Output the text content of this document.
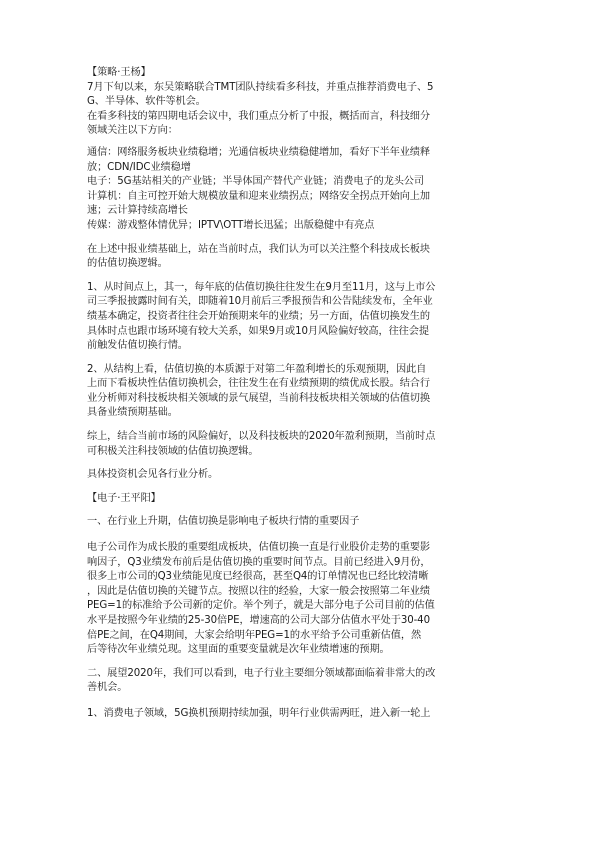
【策略·王杨】

7月下旬以来，东吴策略联合TMT团队持续看多科技，并重点推荐消费电子、5

G、半导体、软件等机会。

在看多科技的第四期电话会议中，我们重点分析了中报，概括而言，科技细分

领域关注以下方向：

通信：网络服务板块业绩稳增；光通信板块业绩稳健增加，看好下半年业绩释

放；CDN/IDC业绩稳增

电子：5G基站相关的产业链；半导体国产替代产业链；消费电子的龙头公司

计算机：自主可控开始大规模放量和迎来业绩拐点；网络安全拐点开始向上加

速；云计算持续高增长

传媒：游戏整体情优异；IPTV\OTT增长迅猛；出版稳健中有亮点

在上述中报业绩基础上，站在当前时点，我们认为可以关注整个科技成长板块

的估值切换逻辑。

1、从时间点上，其一，每年底的估值切换往往发生在9月至11月，这与上市公

司三季报披露时间有关，即随着10月前后三季报预告和公告陆续发布，全年业

绩基本确定，投资者往往会开始预期来年的业绩；另一方面，估值切换发生的

具体时点也跟市场环境有较大关系，如果9月或10月风险偏好较高，往往会提

前触发估值切换行情。

2、从结构上看，估值切换的本质源于对第二年盈利增长的乐观预期，因此自

上而下看板块性估值切换机会，往往发生在有业绩预期的绩优成长股。结合行

业分析师对科技板块相关领域的景气展望，当前科技板块相关领域的估值切换

具备业绩预期基础。

综上，结合当前市场的风险偏好，以及科技板块的2020年盈利预期，当前时点

可积极关注科技领域的估值切换逻辑。

具体投资机会见各行业分析。

【电子·王平阳】

一、在行业上升期，估值切换是影响电子板块行情的重要因子

电子公司作为成长股的重要组成板块，估值切换一直是行业股价走势的重要影

响因子，Q3业绩发布前后是估值切换的重要时间节点。目前已经进入9月份，

很多上市公司的Q3业绩能见度已经很高，甚至Q4的订单情况也已经比较清晰

，因此是估值切换的关键节点。按照以往的经验，大家一般会按照第二年业绩

PEG=1的标准给予公司新的定价。举个列子，就是大部分电子公司目前的估值

水平是按照今年业绩的25-30倍PE，增速高的公司大部分估值水平处于30-40

倍PE之间，在Q4期间，大家会给明年PEG=1的水平给予公司重新估值，然

后等待次年业绩兑现。这里面的重要变量就是次年业绩增速的预期。

二、展望2020年，我们可以看到，电子行业主要细分领域都面临着非常大的改

善机会。

1、消费电子领域，5G换机预期持续加强，明年行业供需两旺，进入新一轮上
